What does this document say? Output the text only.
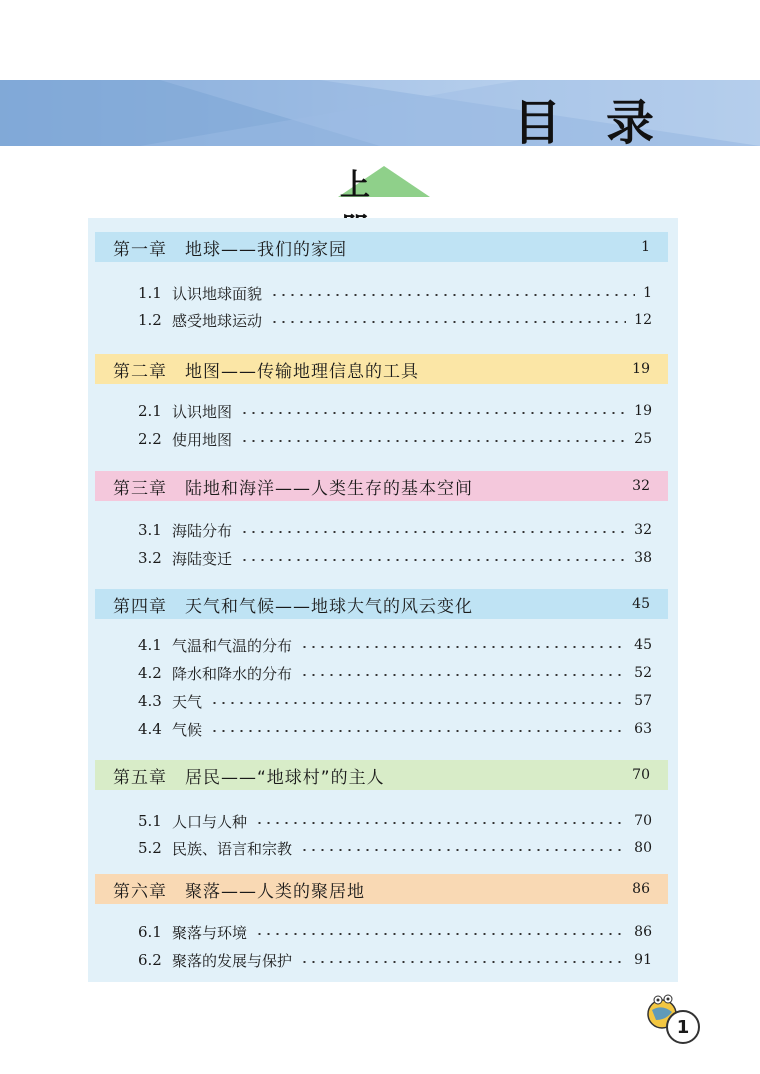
目 录
上
第一章　地球——我们的家园	1
1.1 认识地球面貌	1
1.2 感受地球运动	12
第二章　地图——传输地理信息的工具	19
2.1 认识地图	19
2.2 使用地图	25
第三章　陆地和海洋——人类生存的基本空间	32
3.1 海陆分布	32
3.2 海陆变迁	38
第四章　天气和气候——地球大气的风云变化	45
4.1 气温和气温的分布	45
4.2 降水和降水的分布	52
4.3 天气	57
4.4 气候	63
第五章　居民——“地球村”的主人	70
5.1 人口与人种	70
5.2 民族、语言和宗教	80
第六章　聚落——人类的聚居地	86
6.1 聚落与环境	86
6.2 聚落的发展与保护	91
1
